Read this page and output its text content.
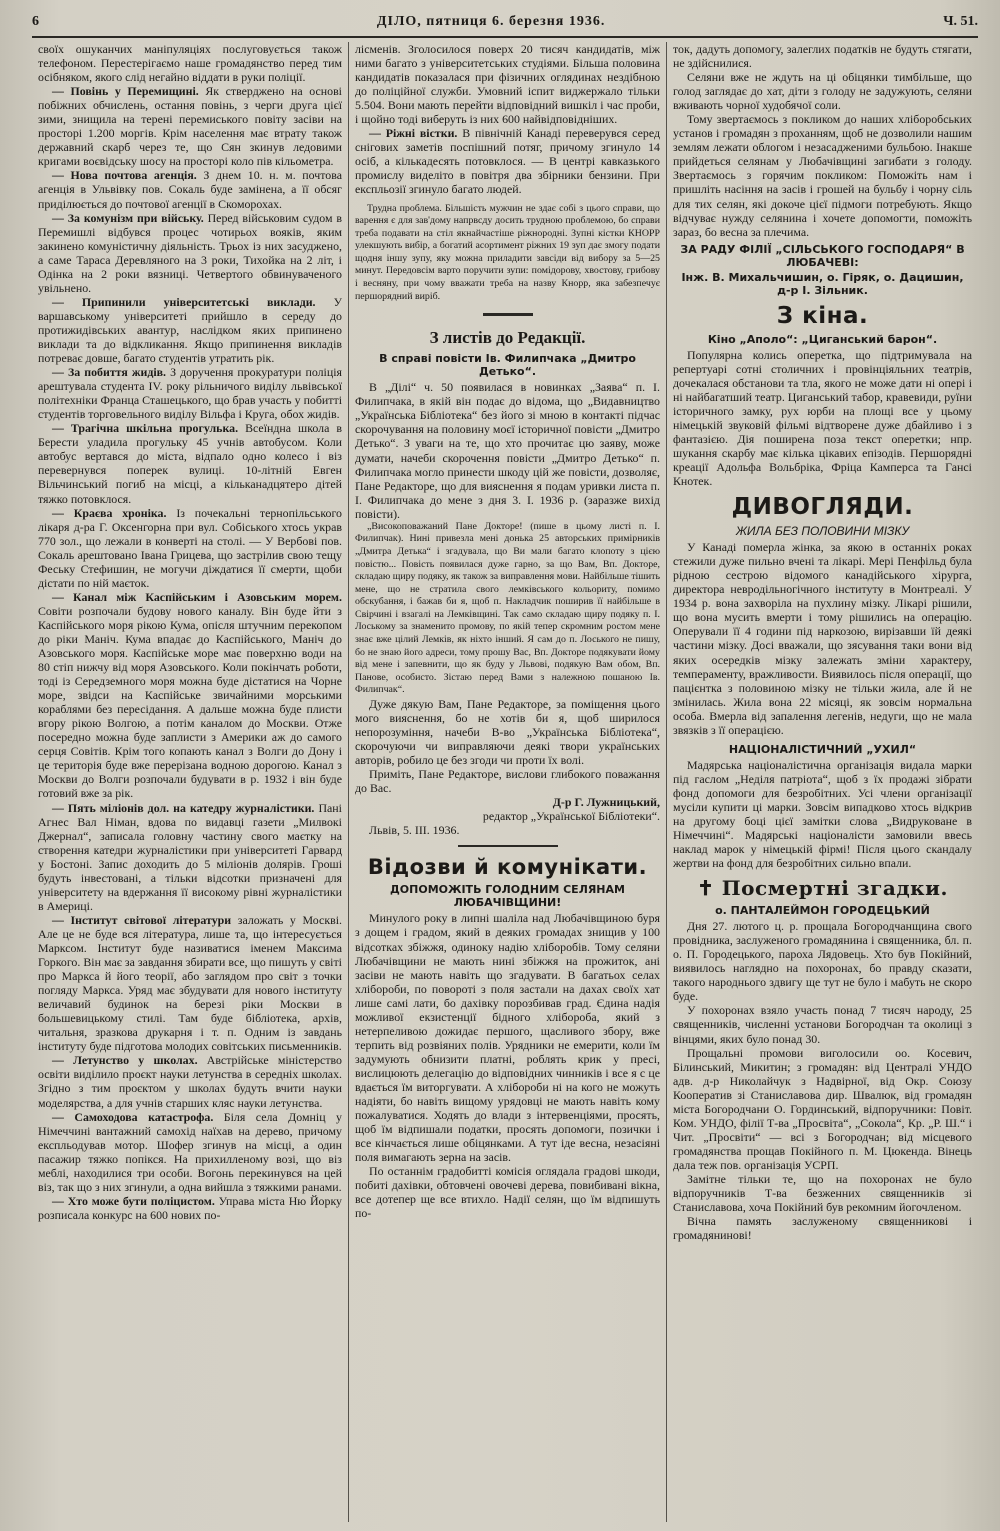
6	ДІЛО, пятниця 6. березня 1936.	Ч. 51.

своїх ошуканчих маніпуляціях послуговується також телефоном. Перестерігаємо наше громадянство перед тим осібняком, якого слід негайно віддати в руки поліції.

— Повінь у Перемищині. Як стверджено на основі побіжних обчислень, остання повінь, з черги друга цієї зими, знищила на терені перемиського повіту засіви на просторі 1.200 моргів. Крім населення має втрату також державний скарб через те, що Сян зкинув ледовими кригами воєвідську шосу на просторі коло пів кільометра.

— Нова почтова агенція. З днем 10. н. м. почтова агенція в Ульвівку пов. Сокаль буде замінена, а її обсяг приділюється до почтової агенції в Скоморохах.

— За комунізм при війську. Перед військовим судом в Перемишлі відбувся процес чотирьох вояків, яким закинено комуністичну діяльність. Трьох із них засуджено, а саме Тараса Деревляного на 3 роки, Тихойка на 2 літ, і Одінка на 2 роки вязниці. Четвертого обвинуваченого увільнено.

— Припинили університетські виклади. У варшавському університеті прийшло в середу до протижидівських авантур, наслідком яких припинено виклади та до відкликання. Якщо припинення викладів потреває довше, багато студентів утратить рік.

— За побиття жидів. З доручення прокуратури поліція арештувала студента IV. року рільничого виділу львівської політехніки Франца Сташецького, що брав участь у побитті студентів торговельного виділу Вільфа і Круга, обох жидів.

— Трагічна шкільна прогулька. Всеїндна школа в Берести уладила прогульку 45 учнів автобусом. Коли автобус вертався до міста, відпало одно колесо і віз перевернувся поперек вулиці. 10-літній Евген Вільчинський погиб на місці, а кільканадцятеро дітей тяжко потовклося.

— Краєва хроніка. Із почекальні тернопільського лікаря д-ра Г. Оксенгорна при вул. Собіського хтось украв 770 зол., що лежали в конверті на столі. — У Вербові пов. Сокаль арештовано Івана Грицева, що застрілив свою тещу Феську Стефишин, не могучи діждатися її смерти, щоби дістати по ній маєток.

— Канал між Каспійським і Азовським морем. Совіти розпочали будову нового каналу. Він буде йти з Каспійського моря рікою Кума, опісля штучним перекопом до ріки Маніч. Кума впадає до Каспійського, Маніч до Азовського моря. Каспійське море має поверхню води на 80 стіп нижчу від моря Азовського. Коли покінчать роботи, тоді із Середземного моря можна буде дістатися на Чорне море, звідси на Каспійське звичайними морськими кораблями без пересідання. А дальше можна буде плисти вгору рікою Волгою, а потім каналом до Москви. Отже посередно можна буде заплисти з Америки аж до самого серця Совітів. Крім того копають канал з Волги до Дону і це територія буде вже перерізана водною дорогою. Канал з Москви до Волги розпочали будувати в р. 1932 і він буде готовий вже за рік.

— Пять міліонів дол. на катедру журналістики. Пані Агнес Вал Німан, вдова по видавці газети „Милвокі Джернал“, записала головну частину свого маєтку на створення катедри журналістики при університеті Гарвард у Бостоні. Запис доходить до 5 міліонів долярів. Гроші будуть інвестовані, а тільки відсотки призначені для університету на вдержання її високому рівні журналістики в Америці.

— Інститут світової літератури заложать у Москві. Але це не буде вся література, лише та, що інтересується Марксом. Інститут буде називатися іменем Максима Горкого. Він має за завдання збирати все, що пишуть у світі про Маркса й його теорії, або заглядом про світ з точки погляду Маркса. Уряд має збудувати для нового інституту величавий будинок на березі ріки Москви в большевицькому стилі. Там буде бібліотека, архів, читальня, зразкова друкарня і т. п. Одним із завдань інституту буде підготова молодих совітських письменників.

— Летунство у школах. Австрійське міністерство освіти виділило проєкт науки летунства в середніх школах. Згідно з тим проєктом у школах будуть вчити науки моделярства, а для учнів старших кляс науки летунства.

— Самоходова катастрофа. Біля села Домніц у Німеччині вантажний самохід наїхав на дерево, причому експльодував мотор. Шофер згинув на місці, а один пасажир тяжко попікся. На прихилленому возі, що віз меблі, находилися три особи. Вогонь перекинувся на цей віз, так що з них згинули, а одна вийшла з тяжкими ранами.

— Хто може бути поліцистом. Управа міста Ню Йорку розписала конкурс на 600 нових по-

лісменів. Зголосилося поверх 20 тисяч кандидатів, між ними багато з університетських студіями. Більша половина кандидатів показалася при фізичних оглядинах нездібною до поліційної служби. Умовний іспит виджержало тільки 5.504. Вони мають перейти відповідний вишкіл і час проби, і щойно тоді виберуть із них 600 найвідповідніших.

— Ріжні вістки. В північній Канаді переверувся серед снігових заметів поспішний потяг, причому згинуло 14 осіб, а кількадесять потовклося. — В центрі кавказького промислу виделіто в повітря два збірники бензини. При експльозії згинуло багато людей.

Трудна проблема. Більшість мужчин не здає собі з цього справи, що варення є для зав'дому напрвсду досить трудною проблемою, бо справи треба подавати на стіл якнайчастіше ріжнородні. Зупні кістки КНОРР улекшують вибір, а богатий асортимент ріжних 19 зуп дає змогу подати щодня іншу зупу, яку можна приладити завсіди від вибору за 5—25 минут. Передовсім варто поручити зупи: помідорову, хвостову, грибову і весняну, при чому вважати треба на назву Кнорр, яка забезпечує першорядний виріб.

З листів до Редакції.
В справі повісти Ів. Филипчака „Дмитро Детько“.

В „Ділі“ ч. 50 появилася в новинках „Заява“ п. І. Филипчака, в якій він подає до відома, що „Видавництво „Українська Бібліотека“ без його зі мною в контакті підчас скорочування на половину моєї історичної повісти „Дмитро Детько“. З уваги на те, що хто прочитає цю заяву, може думати, начеби скорочення повісти „Дмитро Детько“ п. Филипчака могло принести шкоду цій же повісти, дозволяє, Пане Редакторе, що для вияснення я подам уривки листа п. І. Филипчака до мене з дня 3. І. 1936 р. (заразже вихід повісти).

„Високоповажаний Пане Докторе! (пише в цьому листі п. І. Филипчак). Нині привезла мені донька 25 авторських примірників „Дмитра Детька“ і згадувала, що Ви мали багато клопоту з цією повістю... Повість появилася дуже гарно, за що Вам, Вп. Докторе, складаю щиру подяку, як також за виправлення мови. Найбільше тішить мене, що не стратила свого лемківського кольориту, помимо обскубання, і бажав би я, щоб п. Накладчик поширив її найбільше в Свірчині і взагалі на Лемківщині. Так само складаю щиру подяку п. І. Лоському за знаменито промову, по якій тепер скромним ростом мене знає вже цілий Лемків, як ніхто інший. Я сам до п. Лоського не пишу, бо не знаю його адреси, тому прошу Вас, Вп. Докторе подякувати йому від мене і запевнити, що як буду у Львові, подякую Вам обом, Вп. Панове, особисто. Зістаю перед Вами з належною пошаною Ів. Филипчак“.

Дуже дякую Вам, Пане Редакторе, за поміщення цього мого вияснення, бо не хотів би я, щоб ширилося непорозуміння, начеби В-во „Українська Бібліотека“, скорочуючи чи виправляючи деякі твори українських авторів, робило це без згоди чи проти їх волі.

Приміть, Пане Редакторе, вислови глибокого поважання до Вас.

Д-р Г. Лужницький,

редактор „Української Бібліотеки“.

Львів, 5. ІІІ. 1936.

Відозви й комунікати.
ДОПОМОЖІТЬ ГОЛОДНИМ СЕЛЯНАМ ЛЮБАЧІВЩИНИ!

Минулого року в липні шаліла над Любачівщиною буря з дощем і градом, який в деяких громадах знищив у 100 відсотках збіжжя, одиноку надію хліборобів. Тому селяни Любачівщини не мають нині збіжжя на прожиток, ані засіви не мають навіть що згадувати. В багатьох селах хлібороби, по повороті з поля застали на дахах своїх хат лише самі лати, бо дахівку порозбивав град. Єдина надія можливої екзистенції бідного хлібороба, який з нетерпеливою дожидає першого, щасливого збору, вже терпить від розвіяних полів. Урядники не емерити, коли їм задумують обнизити платні, роблять крик у пресі, вислицюють делегацію до відповідних чинників і все я с це вдається їм виторгувати. А хлібороби ні на кого не можуть надіяти, бо навіть вищому урядовці не мають навіть кому пожалуватися. Ходять до влади з інтервенціями, просять, щоб їм відпишали податки, просять допомоги, позички і все кінчається лише обіцянками. А тут іде весна, незасіяні поля вимагають зерна на засів.

По останнім градобитті комісія оглядала градові шкоди, побиті дахівки, обтовчені овочеві дерева, повибивані вікна, все дотепер ще все втихло. Надії селян, що їм відпишуть по-

ток, дадуть допомогу, залеглих податків не будуть стягати, не здійснилися.

Селяни вже не ждуть на ці обіцянки тимбільше, що голод заглядає до хат, діти з голоду не задужують, селяни вживають чорної худобячої соли.

Тому звертаємось з покликом до наших хліборобських установ і громадян з проханням, щоб не дозволили нашим землям лежати облогом і незасадженими бульбою. Інакше прийдеться селянам у Любачівщині загибати з голоду. Звертаємось з горячим покликом: Поможіть нам і пришліть насіння на засів і грошей на бульбу і чорну сіль для тих селян, які докоче цієї підмоги потребують. Якщо відчуває нужду селянина і хочете допомогти, поможіть зараз, бо весна за плечима.

ЗА РАДУ ФІЛІЇ „СІЛЬСЬКОГО ГОСПОДАРЯ“ В ЛЮБАЧЕВІ:
Інж. В. Михальчишин, о. Гіряк, о. Дацишин, д-р І. Зільник.
З кіна.
Кіно „Аполо“: „Циганський барон“.

Популярна колись оперетка, що підтримувала на репертуарі сотні столичних і провінціяльних театрів, дочекалася обстанови та тла, якого не може дати ні опері і ні найбагатший театр. Циганський табор, кравевиди, руїни історичного замку, рух юрби на площі все у цьому німецькій звуковій фільмі відтворене дуже дбайливо і з фантазією. Дія поширена поза текст оперетки; нпр. шукання скарбу має кілька цікавих епізодів. Першорядні креації Адольфа Вольбріка, Фріца Камперса та Гансі Кнотек.

ДИВОГЛЯДИ.
ЖИЛА БЕЗ ПОЛОВИНИ МІЗКУ

У Канаді померла жінка, за якою в останніх роках стежили дуже пильно вчені та лікарі. Мері Пенфільд була рідною сестрою відомого канадійського хірурга, директора невродільногічного інституту в Монтреалі. У 1934 р. вона захворіла на пухлину мізку. Лікарі рішили, що вона мусить вмерти і тому рішились на операцію. Оперували її 4 години під наркозою, вирізавши їй деякі частини мізку. Досі вважали, що зясування таки вони від яких осередків мізку залежать зміни характеру, темпераменту, вражливости. Виявилось після операції, що пацієнтка з половиною мізку не тільки жила, але й не змінилась. Жила вона 22 місяці, як зовсім нормальна особа. Вмерла від запалення легенів, недуги, що не мала звязків з її операцією.

НАЦІОНАЛІСТИЧНИЙ „УХИЛ“

Мадярська націоналістична організація видала марки під гаслом „Неділя патріота“, щоб з їх продажі зібрати фонд допомоги для безробітних. Усі члени організації мусіли купити ці марки. Зовсім випадково хтось відкрив на другому боці цієї замітки слова „Видруковане в Німеччині“. Мадярські націоналісти замовили ввесь наклад марок у німецькій фірмі! Після цього скандалу жертви на фонд для безробітних сильно впали.

✝ Посмертні згадки.
о. ПАНТАЛЕЙМОН ГОРОДЕЦЬКИЙ

Дня 27. лютого ц. р. прощала Богородчанщина свого провідника, заслуженого громадянина і священника, бл. п. о. П. Городецького, пароха Лядовець. Хто був Покійний, виявилось наглядно на похоронах, бо правду сказати, такого народнього здвигу ще тут не було і мабуть не скоро буде.

У похоронах взяло участь понад 7 тисяч народу, 25 священників, численні установи Богородчан та околиці з вінцями, яких було понад 30.

Прощальні промови виголосили оо. Косевич, Білинський, Микитин; з громадян: від Централі УНДО адв. д-р Николайчук з Надвірної, від Окр. Союзу Кооператив зі Станиславова дир. Швалюк, від громадян міста Богородчани О. Гординський, відпоручники: Повіт. Ком. УНДО, філії Т-ва „Просвіта“, „Сокола“, Кр. „Р. Ш.“ і Чит. „Просвіти“ — всі з Богородчан; від місцевого громадянства прощав Покійного п. М. Цюкенда. Вінець дала теж пов. організація УСРП.

Замітне тільки те, що на похоронах не було відпоручників Т-ва безженних священників зі Станиславова, хоча Покійний був рекомним йогочленом.

Вічна память заслуженому священникові і громадянинові!
